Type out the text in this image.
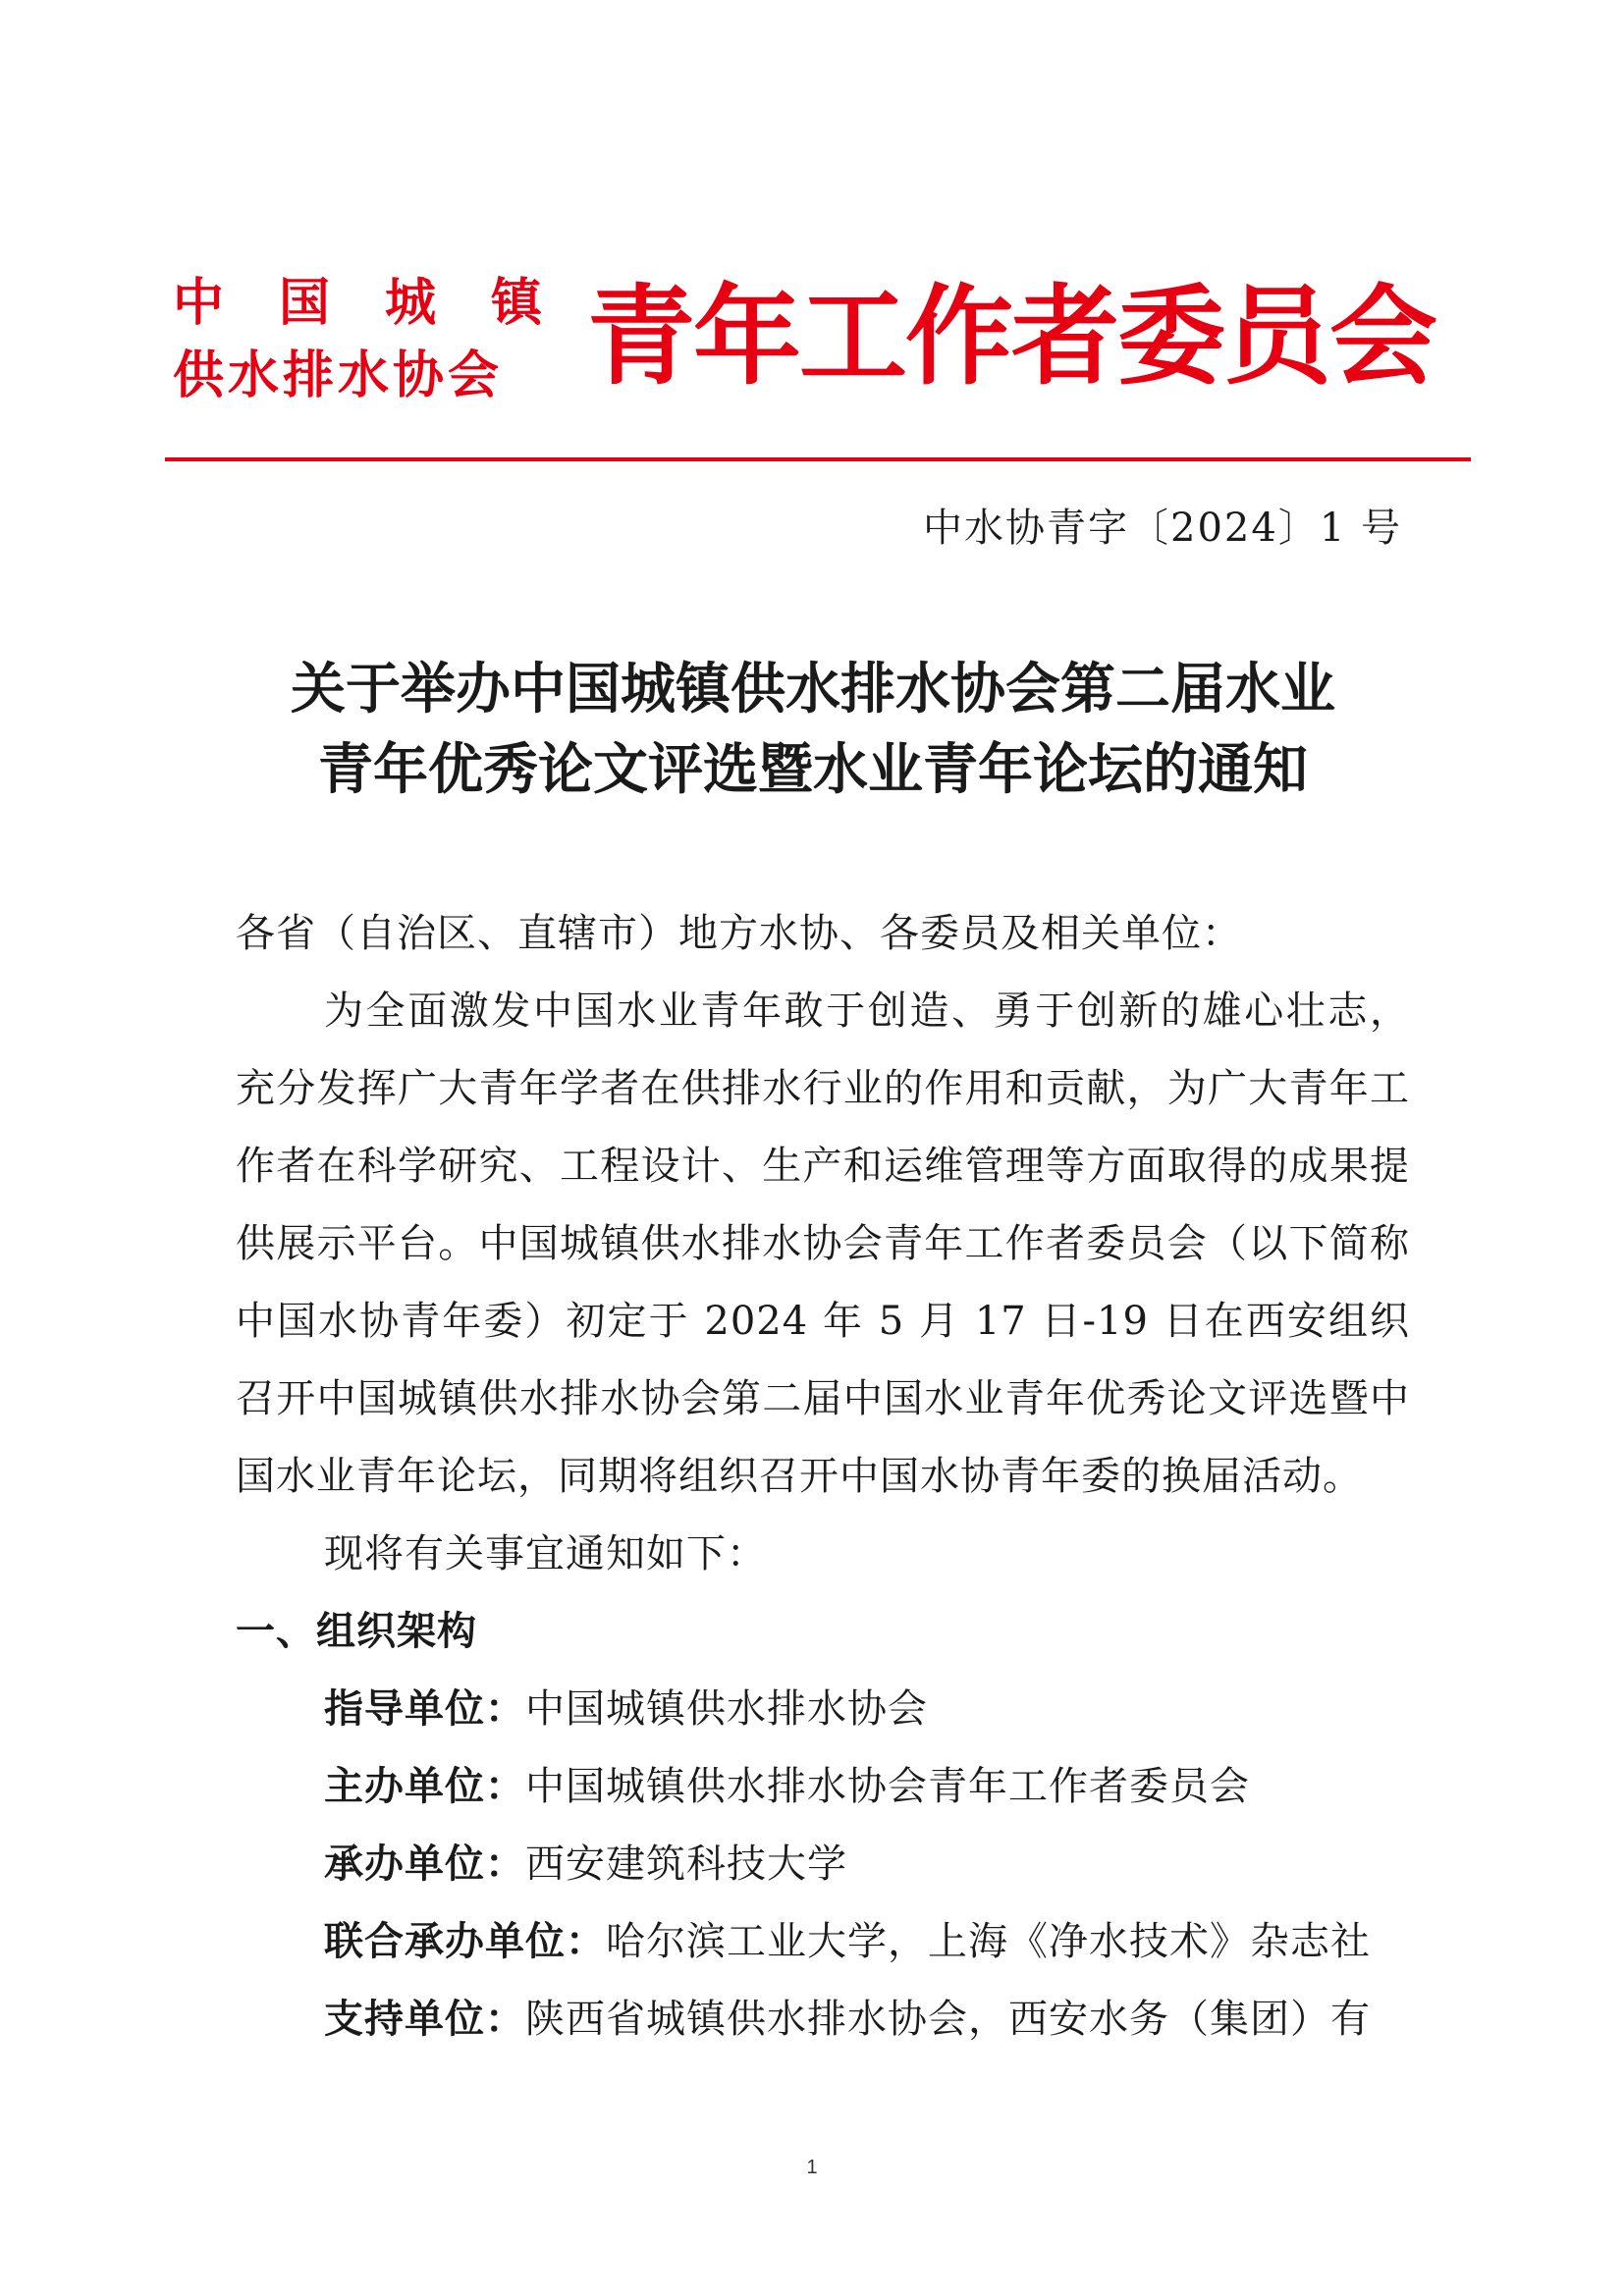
中国城镇
供水排水协会 青年工作者委员会
中水协青字〔2024〕1 号
关于举办中国城镇供水排水协会第二届水业
青年优秀论文评选暨水业青年论坛的通知

各省（自治区、直辖市）地方水协、各委员及相关单位：

为全面激发中国水业青年敢于创造、勇于创新的雄心壮志，充分发挥广大青年学者在供排水行业的作用和贡献，为广大青年工作者在科学研究、工程设计、生产和运维管理等方面取得的成果提供展示平台。中国城镇供水排水协会青年工作者委员会（以下简称中国水协青年委）初定于 2024 年 5 月 17 日-19 日在西安组织召开中国城镇供水排水协会第二届中国水业青年优秀论文评选暨中国水业青年论坛，同期将组织召开中国水协青年委的换届活动。

现将有关事宜通知如下：

一、组织架构

指导单位：中国城镇供水排水协会

主办单位：中国城镇供水排水协会青年工作者委员会

承办单位：西安建筑科技大学

联合承办单位：哈尔滨工业大学，上海《净水技术》杂志社

支持单位：陕西省城镇供水排水协会，西安水务（集团）有

1
